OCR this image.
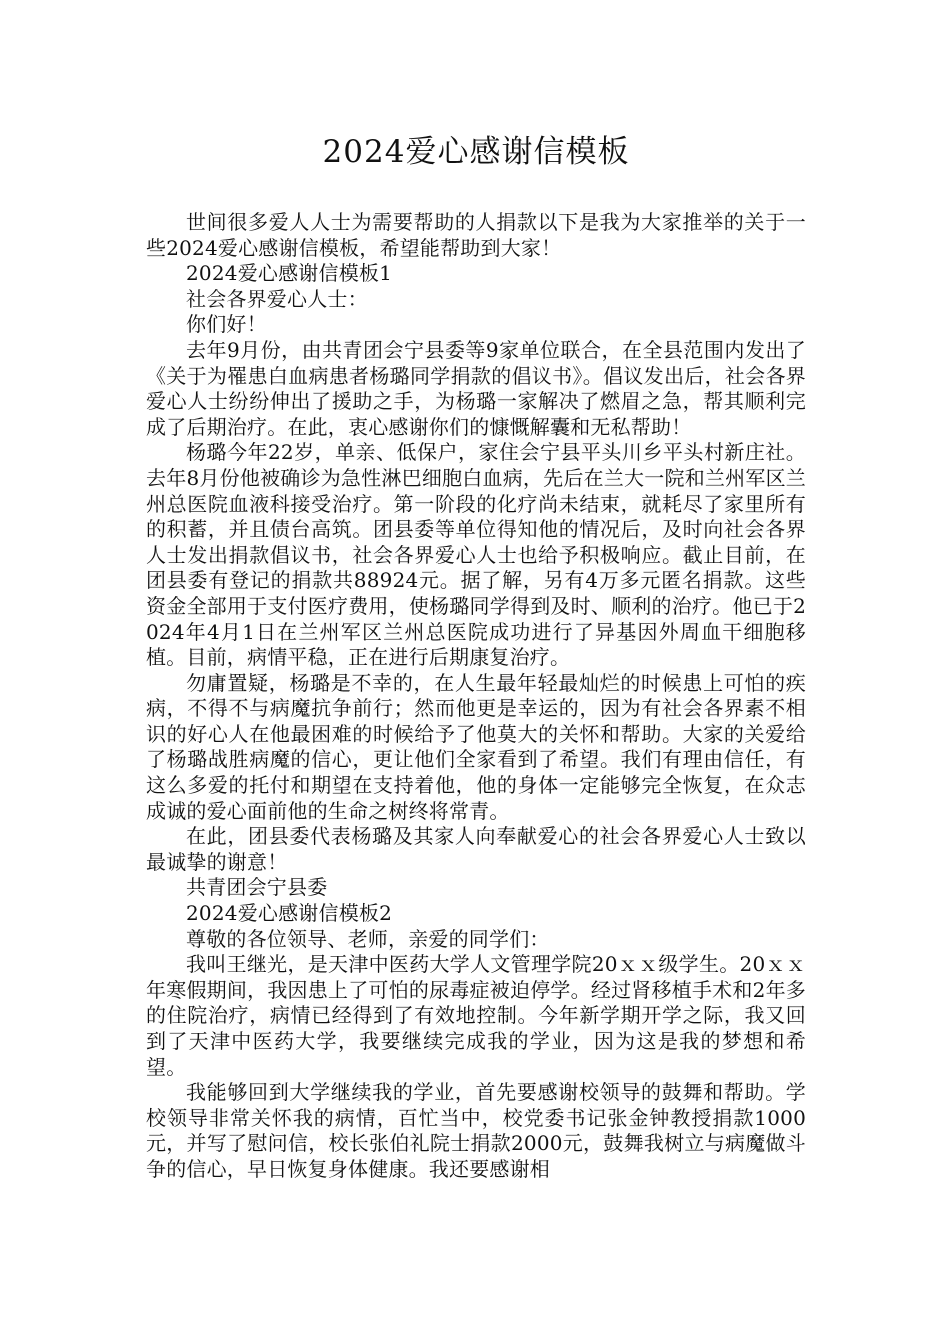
2024爱心感谢信模板

世间很多爱人人士为需要帮助的人捐款以下是我为大家推举的关于一些2024爱心感谢信模板，希望能帮助到大家！

2024爱心感谢信模板1

社会各界爱心人士：

你们好！

去年9月份，由共青团会宁县委等9家单位联合，在全县范围内发出了《关于为罹患白血病患者杨璐同学捐款的倡议书》。倡议发出后，社会各界爱心人士纷纷伸出了援助之手，为杨璐一家解决了燃眉之急，帮其顺利完成了后期治疗。在此，衷心感谢你们的慷慨解囊和无私帮助！

杨璐今年22岁，单亲、低保户，家住会宁县平头川乡平头村新庄社。去年8月份他被确诊为急性淋巴细胞白血病，先后在兰大一院和兰州军区兰州总医院血液科接受治疗。第一阶段的化疗尚未结束，就耗尽了家里所有的积蓄，并且债台高筑。团县委等单位得知他的情况后，及时向社会各界人士发出捐款倡议书，社会各界爱心人士也给予积极响应。截止目前，在团县委有登记的捐款共88924元。据了解，另有4万多元匿名捐款。这些资金全部用于支付医疗费用，使杨璐同学得到及时、顺利的治疗。他已于2024年4月1日在兰州军区兰州总医院成功进行了异基因外周血干细胞移植。目前，病情平稳，正在进行后期康复治疗。

勿庸置疑，杨璐是不幸的，在人生最年轻最灿烂的时候患上可怕的疾病，不得不与病魔抗争前行；然而他更是幸运的，因为有社会各界素不相识的好心人在他最困难的时候给予了他莫大的关怀和帮助。大家的关爱给了杨璐战胜病魔的信心，更让他们全家看到了希望。我们有理由信任，有这么多爱的托付和期望在支持着他，他的身体一定能够完全恢复，在众志成诚的爱心面前他的生命之树终将常青。

在此，团县委代表杨璐及其家人向奉献爱心的社会各界爱心人士致以最诚挚的谢意！

共青团会宁县委

2024爱心感谢信模板2

尊敬的各位领导、老师，亲爱的同学们：

我叫王继光，是天津中医药大学人文管理学院20ｘｘ级学生。20ｘｘ年寒假期间，我因患上了可怕的尿毒症被迫停学。经过肾移植手术和2年多的住院治疗，病情已经得到了有效地控制。今年新学期开学之际，我又回到了天津中医药大学，我要继续完成我的学业，因为这是我的梦想和希望。

我能够回到大学继续我的学业，首先要感谢校领导的鼓舞和帮助。学校领导非常关怀我的病情，百忙当中，校党委书记张金钟教授捐款1000元，并写了慰问信，校长张伯礼院士捐款2000元，鼓舞我树立与病魔做斗争的信心，早日恢复身体健康。我还要感谢相
